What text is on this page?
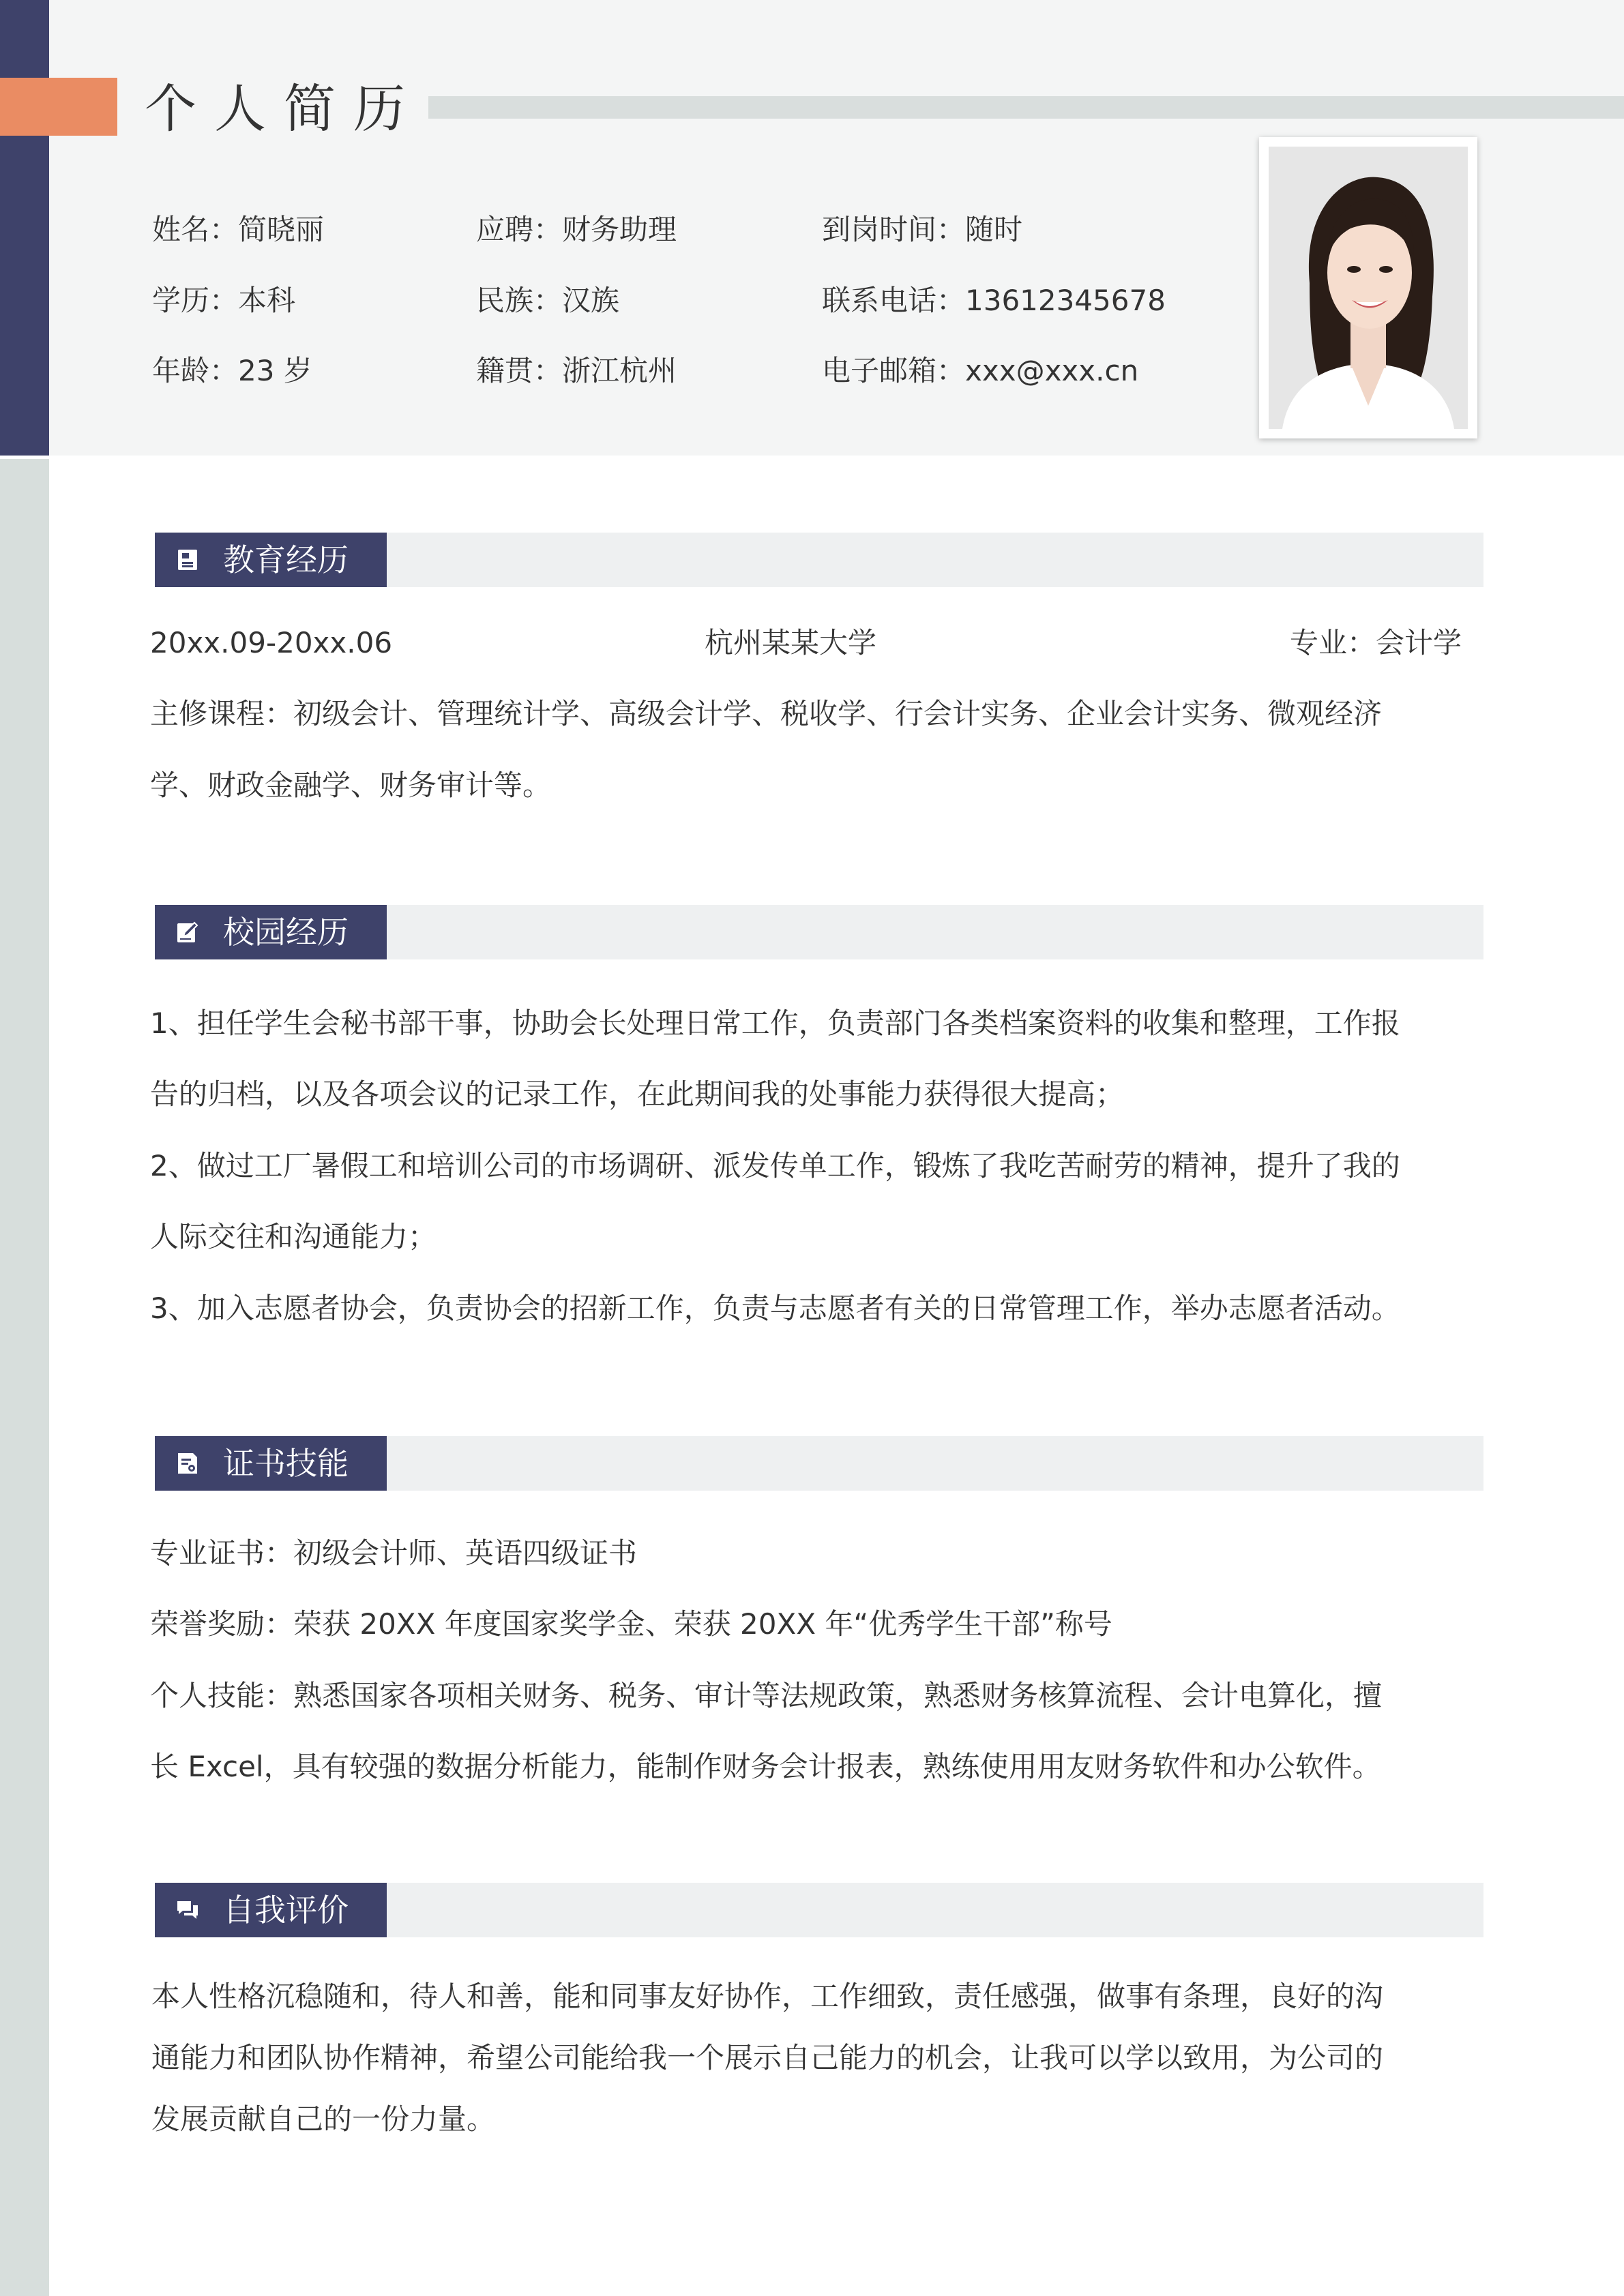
个人简历
姓名：简晓丽	应聘：财务助理	到岗时间：随时
学历：本科	民族：汉族	联系电话：13612345678
年龄：23 岁	籍贯：浙江杭州	电子邮箱：xxx@xxx.cn
教育经历
20xx.09-20xx.06	杭州某某大学	专业：会计学
主修课程：初级会计、管理统计学、高级会计学、税收学、行会计实务、企业会计实务、微观经济
学、财政金融学、财务审计等。
校园经历
1、担任学生会秘书部干事，协助会长处理日常工作，负责部门各类档案资料的收集和整理，工作报
告的归档，以及各项会议的记录工作，在此期间我的处事能力获得很大提高；
2、做过工厂暑假工和培训公司的市场调研、派发传单工作，锻炼了我吃苦耐劳的精神，提升了我的
人际交往和沟通能力；
3、加入志愿者协会，负责协会的招新工作，负责与志愿者有关的日常管理工作，举办志愿者活动。
证书技能
专业证书：初级会计师、英语四级证书
荣誉奖励：荣获 20XX 年度国家奖学金、荣获 20XX 年“优秀学生干部”称号
个人技能：熟悉国家各项相关财务、税务、审计等法规政策，熟悉财务核算流程、会计电算化，擅
长 Excel，具有较强的数据分析能力，能制作财务会计报表，熟练使用用友财务软件和办公软件。
自我评价
本人性格沉稳随和，待人和善，能和同事友好协作，工作细致，责任感强，做事有条理，良好的沟
通能力和团队协作精神，希望公司能给我一个展示自己能力的机会，让我可以学以致用，为公司的
发展贡献自己的一份力量。
